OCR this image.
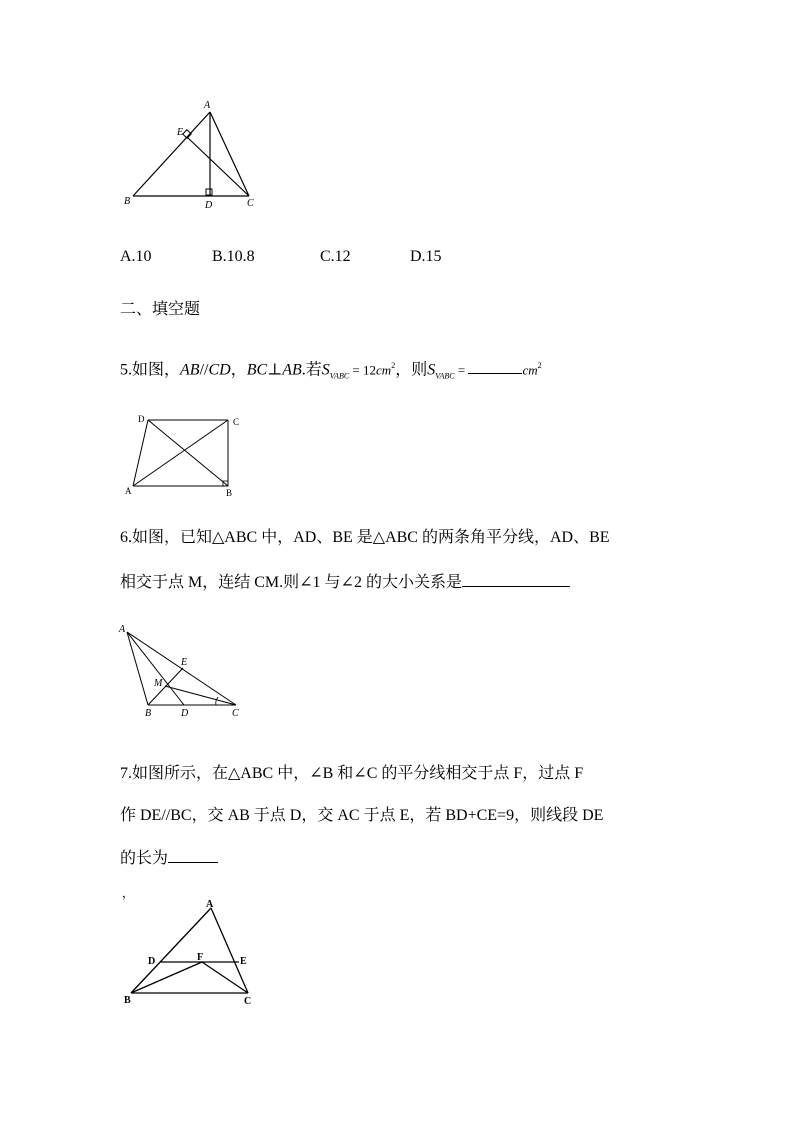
A
E
B	D	C
A.10	B.10.8	C.12	D.15
二、填空题
5.如图，AB//CD，BC⊥AB.若$S_{VABC} = 12cm^2$，则$S_{VABC}$ =	$cm^2$
D	C
A	B
6.如图，已知△ABC 中，AD、BE 是△ABC 的两条角平分线，AD、BE
相交于点 M，连结 CM.则∠1 与∠2 的大小关系是
A
E
M
B	D	C
7.如图所示，在△ABC 中，∠B 和∠C 的平分线相交于点 F，过点 F
作 DE//BC，交 AB 于点 D，交 AC 于点 E，若 BD+CE=9，则线段 DE
的长为
，
A
D	F	E
B	C
